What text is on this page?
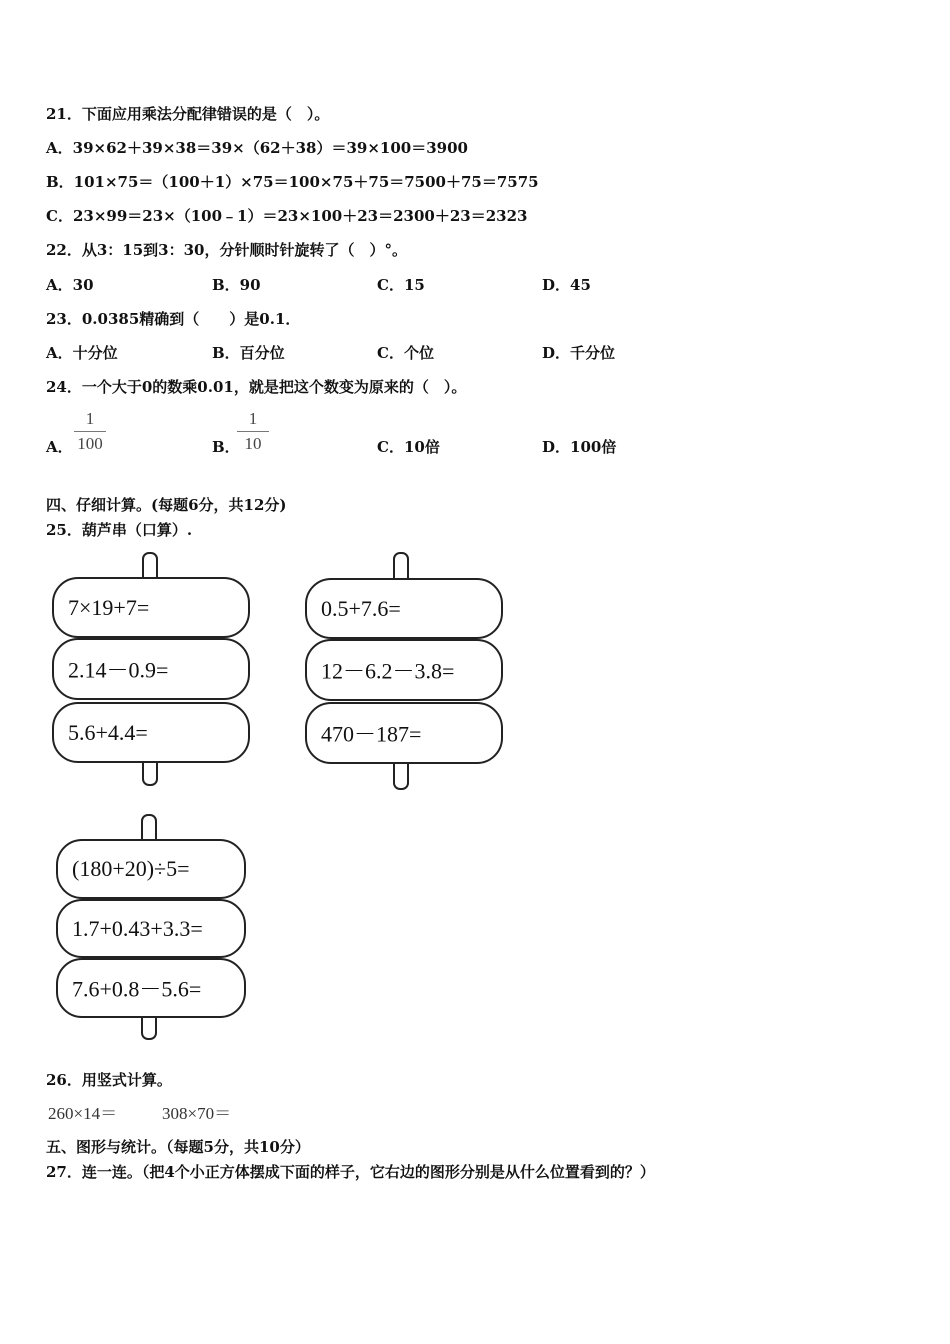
21．下面应用乘法分配律错误的是（　）。
A．39×62＋39×38＝39×（62＋38）＝39×100＝3900
B．101×75＝（100＋1）×75＝100×75＋75＝7500＋75＝7575
C．23×99＝23×（100﹣1）＝23×100＋23＝2300＋23＝2323
22．从3：15到3：30，分针顺时针旋转了（　）°。
A．30	B．90	C．15	D．45
23．0.0385精确到（　　）是0.1．
A．十分位	B．百分位	C．个位	D．千分位
24．一个大于0的数乘0.01，就是把这个数变为原来的（　）。
A．
1
100	B．
1
10	C．10倍	D．100倍
四、仔细计算。(每题6分，共12分)
25．葫芦串（口算）.
7×19+7=
2.14－0.9=
5.6+4.4=
0.5+7.6=
12－6.2－3.8=
470－187=
(180+20)÷5=
1.7+0.43+3.3=
7.6+0.8－5.6=
26．用竖式计算。
260×14＝	308×70＝
五、图形与统计。（每题5分，共10分）
27．连一连。（把4个小正方体摆成下面的样子，它右边的图形分别是从什么位置看到的？）
